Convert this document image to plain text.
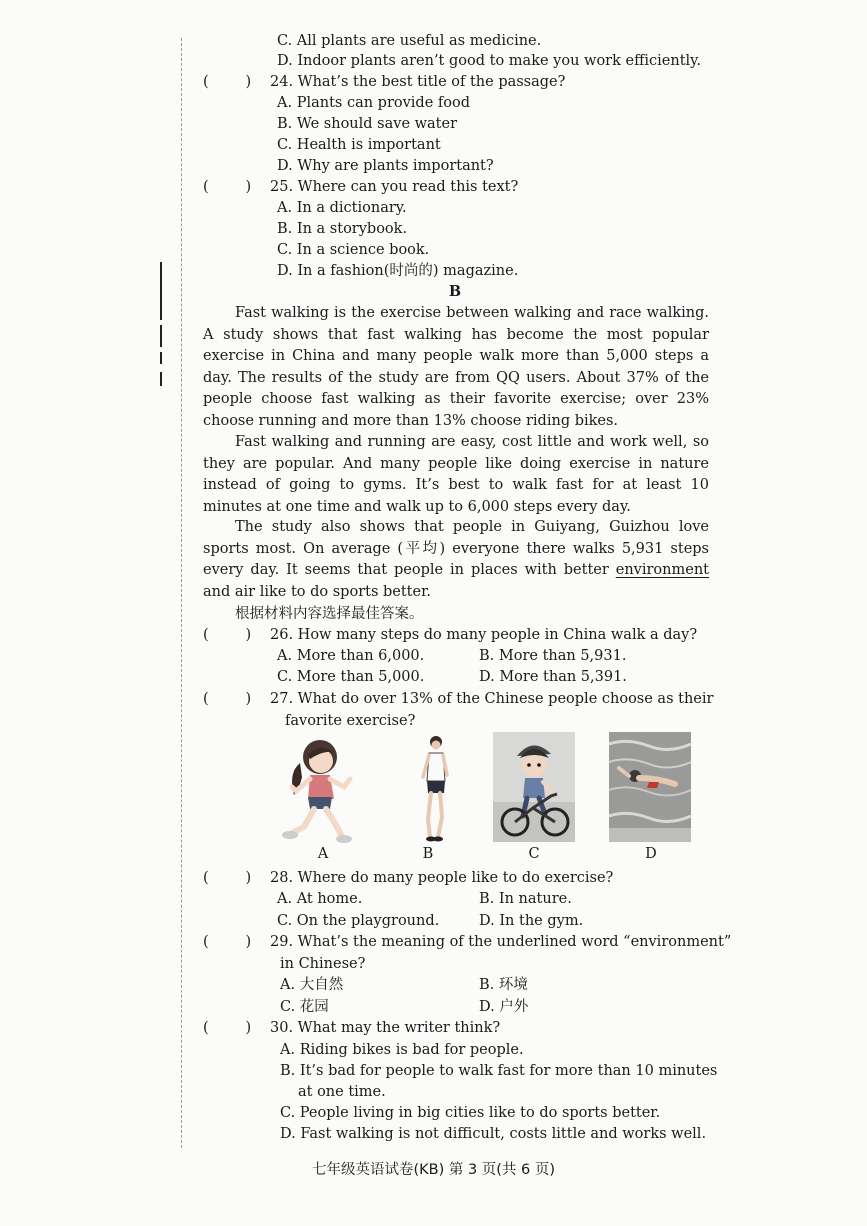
C. All plants are useful as medicine.
D. Indoor plants aren’t good to make you work efficiently.
(        ) 24. What’s the best title of the passage?
A. Plants can provide food
B. We should save water
C. Health is important
D. Why are plants important?
(        ) 25. Where can you read this text?
A. In a dictionary.
B. In a storybook.
C. In a science book.
D. In a fashion(时尚的) magazine.
B
Fast walking is the exercise between walking and race walking. A study shows that fast walking has become the most popular exercise in China and many people walk more than 5,000 steps a day. The results of the study are from QQ users. About 37% of the people choose fast walking as their favorite exercise; over 23% choose running and more than 13% choose riding bikes.
Fast walking and running are easy, cost little and work well, so they are popular. And many people like doing exercise in nature instead of going to gyms. It’s best to walk fast for at least 10 minutes at one time and walk up to 6,000 steps every day.
The study also shows that people in Guiyang, Guizhou love sports most. On average (平均) everyone there walks 5,931 steps every day. It seems that people in places with better environment and air like to do sports better.
根据材料内容选择最佳答案。
(        ) 26. How many steps do many people in China walk a day?
A. More than 6,000.	B. More than 5,931.
C. More than 5,000.	D. More than 5,391.
(        ) 27. What do over 13% of the Chinese people choose as their
favorite exercise?
A	B	C	D
(        ) 28. Where do many people like to do exercise?
A. At home.	B. In nature.
C. On the playground.	D. In the gym.
(        ) 29. What’s the meaning of the underlined word “environment”
in Chinese?
A. 大自然	B. 环境
C. 花园	D. 户外
(        ) 30. What may the writer think?
A. Riding bikes is bad for people.
B. It’s bad for people to walk fast for more than 10 minutes
at one time.
C. People living in big cities like to do sports better.
D. Fast walking is not difficult, costs little and works well.
七年级英语试卷(KB) 第 3 页(共 6 页)
